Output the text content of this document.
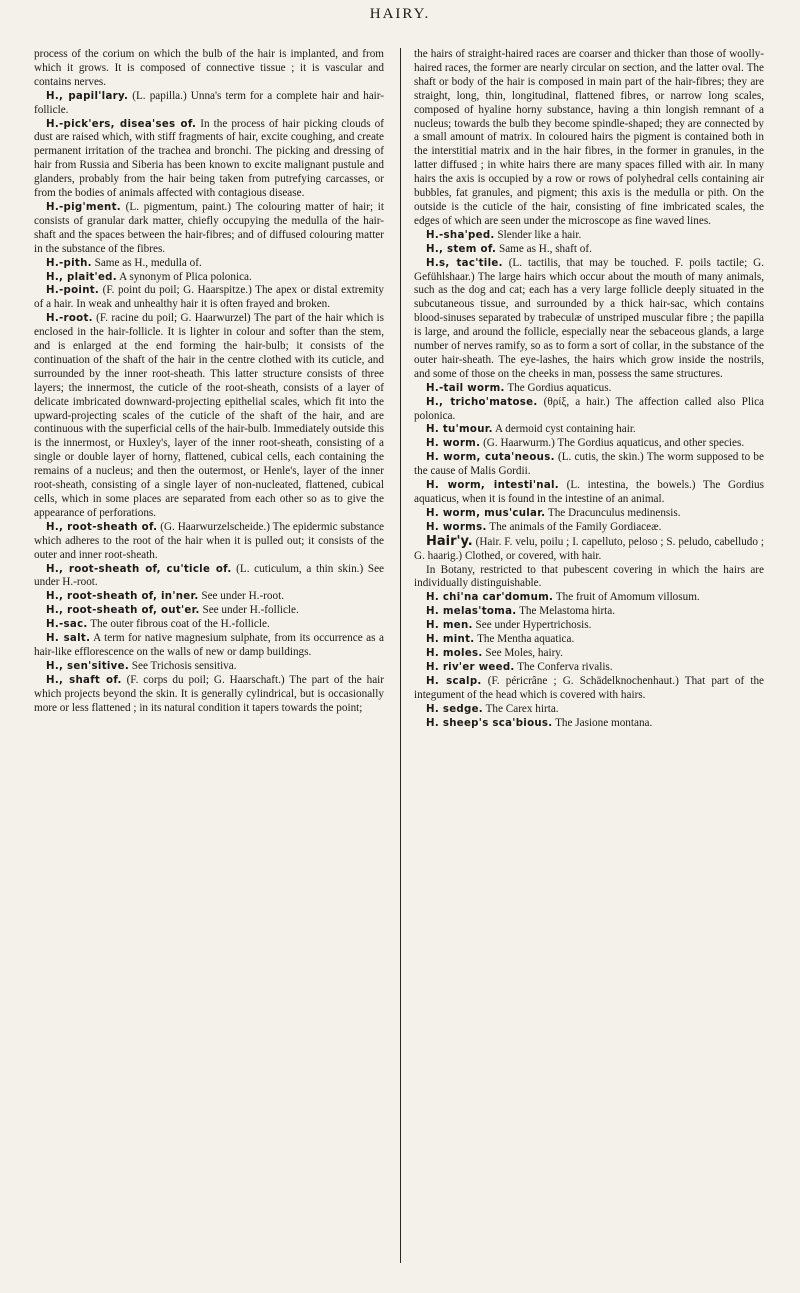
HAIRY.

process of the corium on which the bulb of the hair is implanted, and from which it grows. It is composed of connective tissue ; it is vascular and contains nerves.

H., papil'lary. (L. papilla.) Unna's term for a complete hair and hair-follicle.

H.-pick'ers, disea'ses of. In the process of hair picking clouds of dust are raised which, with stiff fragments of hair, excite coughing, and create permanent irritation of the trachea and bronchi. The picking and dressing of hair from Russia and Siberia has been known to excite malignant pustule and glanders, probably from the hair being taken from putrefying carcasses, or from the bodies of animals affected with contagious disease.

H.-pig'ment. (L. pigmentum, paint.) The colouring matter of hair; it consists of granular dark matter, chiefly occupying the medulla of the hair-shaft and the spaces between the hair-fibres; and of diffused colouring matter in the substance of the fibres.

H.-pith. Same as H., medulla of.

H., plait'ed. A synonym of Plica polonica.

H.-point. (F. point du poil; G. Haarspitze.) The apex or distal extremity of a hair. In weak and unhealthy hair it is often frayed and broken.

H.-root. (F. racine du poil; G. Haarwurzel) The part of the hair which is enclosed in the hair-follicle. It is lighter in colour and softer than the stem, and is enlarged at the end forming the hair-bulb; it consists of the continuation of the shaft of the hair in the centre clothed with its cuticle, and surrounded by the inner root-sheath. This latter structure consists of three layers; the innermost, the cuticle of the root-sheath, consists of a layer of delicate imbricated downward-projecting epithelial scales, which fit into the upward-projecting scales of the cuticle of the shaft of the hair, and are continuous with the superficial cells of the hair-bulb. Immediately outside this is the innermost, or Huxley's, layer of the inner root-sheath, consisting of a single or double layer of horny, flattened, cubical cells, each containing the remains of a nucleus; and then the outermost, or Henle's, layer of the inner root-sheath, consisting of a single layer of non-nucleated, flattened, cubical cells, which in some places are separated from each other so as to give the appearance of perforations.

H., root-sheath of. (G. Haarwurzelscheide.) The epidermic substance which adheres to the root of the hair when it is pulled out; it consists of the outer and inner root-sheath.

H., root-sheath of, cu'ticle of. (L. cuticulum, a thin skin.) See under H.-root.

H., root-sheath of, in'ner. See under H.-root.

H., root-sheath of, out'er. See under H.-follicle.

H.-sac. The outer fibrous coat of the H.-follicle.

H. salt. A term for native magnesium sulphate, from its occurrence as a hair-like efflorescence on the walls of new or damp buildings.

H., sen'sitive. See Trichosis sensitiva.

H., shaft of. (F. corps du poil; G. Haarschaft.) The part of the hair which projects beyond the skin. It is generally cylindrical, but is occasionally more or less flattened ; in its natural condition it tapers towards the point;

the hairs of straight-haired races are coarser and thicker than those of woolly-haired races, the former are nearly circular on section, and the latter oval. The shaft or body of the hair is composed in main part of the hair-fibres; they are straight, long, thin, longitudinal, flattened fibres, or narrow long scales, composed of hyaline horny substance, having a thin longish remnant of a nucleus; towards the bulb they become spindle-shaped; they are connected by a small amount of matrix. In coloured hairs the pigment is contained both in the interstitial matrix and in the hair fibres, in the former in granules, in the latter diffused ; in white hairs there are many spaces filled with air. In many hairs the axis is occupied by a row or rows of polyhedral cells containing air bubbles, fat granules, and pigment; this axis is the medulla or pith. On the outside is the cuticle of the hair, consisting of fine imbricated scales, the edges of which are seen under the microscope as fine waved lines.

H.-sha'ped. Slender like a hair.

H., stem of. Same as H., shaft of.

H.s, tac'tile. (L. tactilis, that may be touched. F. poils tactile; G. Gefühlshaar.) The large hairs which occur about the mouth of many animals, such as the dog and cat; each has a very large follicle deeply situated in the subcutaneous tissue, and surrounded by a thick hair-sac, which contains blood-sinuses separated by trabeculæ of unstriped muscular fibre ; the papilla is large, and around the follicle, especially near the sebaceous glands, a large number of nerves ramify, so as to form a sort of collar, in the substance of the outer hair-sheath. The eye-lashes, the hairs which grow inside the nostrils, and some of those on the cheeks in man, possess the same structures.

H.-tail worm. The Gordius aquaticus.

H., tricho'matose. (θρίξ, a hair.) The affection called also Plica polonica.

H. tu'mour. A dermoid cyst containing hair.

H. worm. (G. Haarwurm.) The Gordius aquaticus, and other species.

H. worm, cuta'neous. (L. cutis, the skin.) The worm supposed to be the cause of Malis Gordii.

H. worm, intesti'nal. (L. intestina, the bowels.) The Gordius aquaticus, when it is found in the intestine of an animal.

H. worm, mus'cular. The Dracunculus medinensis.

H. worms. The animals of the Family Gordiaceæ.

Hair'y. (Hair. F. velu, poilu ; I. capelluto, peloso ; S. peludo, cabelludo ; G. haarig.) Clothed, or covered, with hair.

In Botany, restricted to that pubescent covering in which the hairs are individually distinguishable.

H. chi'na car'domum. The fruit of Amomum villosum.

H. melas'toma. The Melastoma hirta.

H. men. See under Hypertrichosis.

H. mint. The Mentha aquatica.

H. moles. See Moles, hairy.

H. riv'er weed. The Conferva rivalis.

H. scalp. (F. péricrâne ; G. Schädelknochenhaut.) That part of the integument of the head which is covered with hairs.

H. sedge. The Carex hirta.

H. sheep's sca'bious. The Jasione montana.
